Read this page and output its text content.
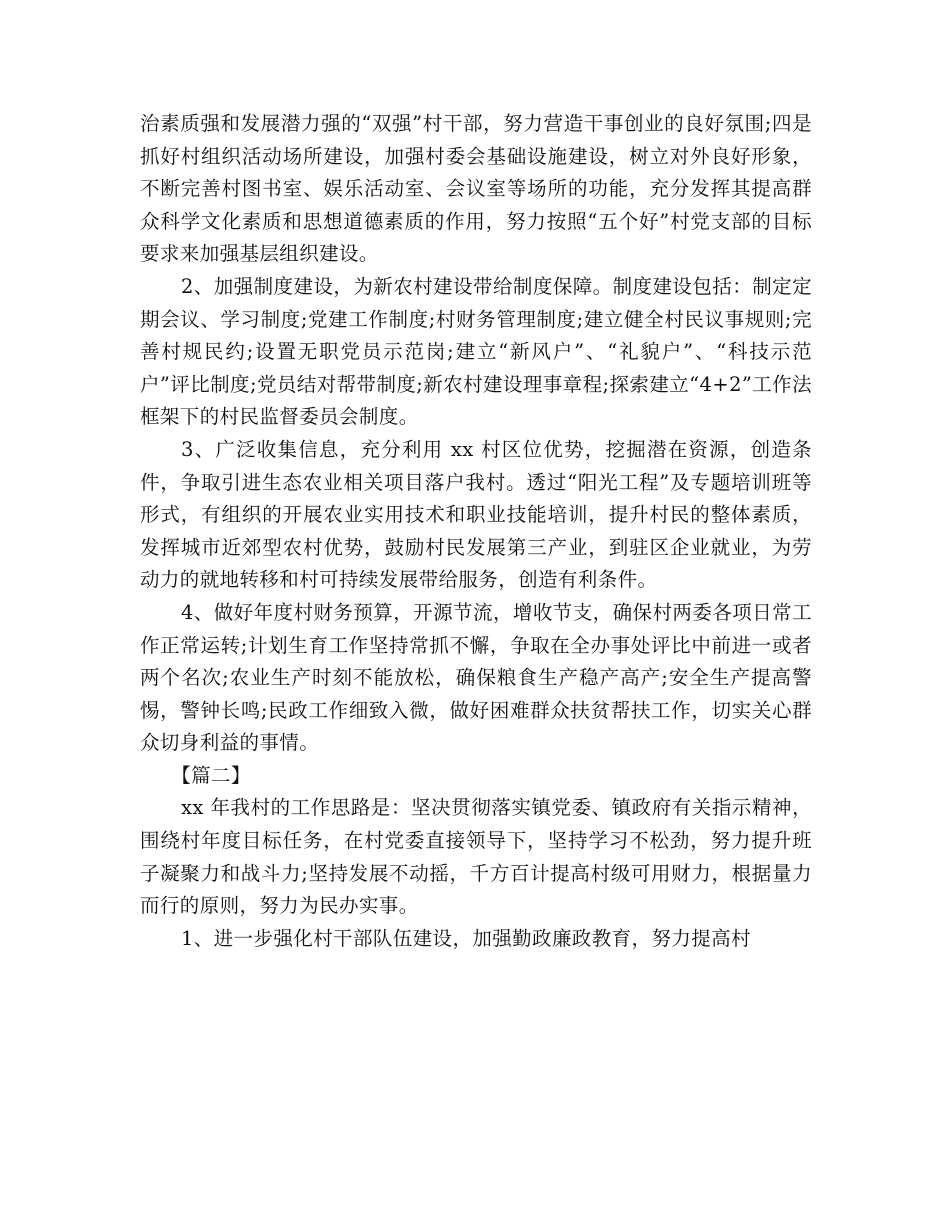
治素质强和发展潜力强的“双强”村干部，努力营造干事创业的良好氛围;四是抓好村组织活动场所建设，加强村委会基础设施建设，树立对外良好形象，不断完善村图书室、娱乐活动室、会议室等场所的功能，充分发挥其提高群众科学文化素质和思想道德素质的作用，努力按照“五个好”村党支部的目标要求来加强基层组织建设。

2、加强制度建设，为新农村建设带给制度保障。制度建设包括：制定定期会议、学习制度;党建工作制度;村财务管理制度;建立健全村民议事规则;完善村规民约;设置无职党员示范岗;建立“新风户”、“礼貌户”、“科技示范户”评比制度;党员结对帮带制度;新农村建设理事章程;探索建立“4+2”工作法框架下的村民监督委员会制度。

3、广泛收集信息，充分利用 xx 村区位优势，挖掘潜在资源，创造条件，争取引进生态农业相关项目落户我村。透过“阳光工程”及专题培训班等形式，有组织的开展农业实用技术和职业技能培训，提升村民的整体素质，发挥城市近郊型农村优势，鼓励村民发展第三产业，到驻区企业就业，为劳动力的就地转移和村可持续发展带给服务，创造有利条件。

4、做好年度村财务预算，开源节流，增收节支，确保村两委各项日常工作正常运转;计划生育工作坚持常抓不懈，争取在全办事处评比中前进一或者两个名次;农业生产时刻不能放松，确保粮食生产稳产高产;安全生产提高警惕，警钟长鸣;民政工作细致入微，做好困难群众扶贫帮扶工作，切实关心群众切身利益的事情。

【篇二】

xx 年我村的工作思路是：坚决贯彻落实镇党委、镇政府有关指示精神，围绕村年度目标任务，在村党委直接领导下，坚持学习不松劲，努力提升班子凝聚力和战斗力;坚持发展不动摇，千方百计提高村级可用财力，根据量力而行的原则，努力为民办实事。

1、进一步强化村干部队伍建设，加强勤政廉政教育，努力提高村
